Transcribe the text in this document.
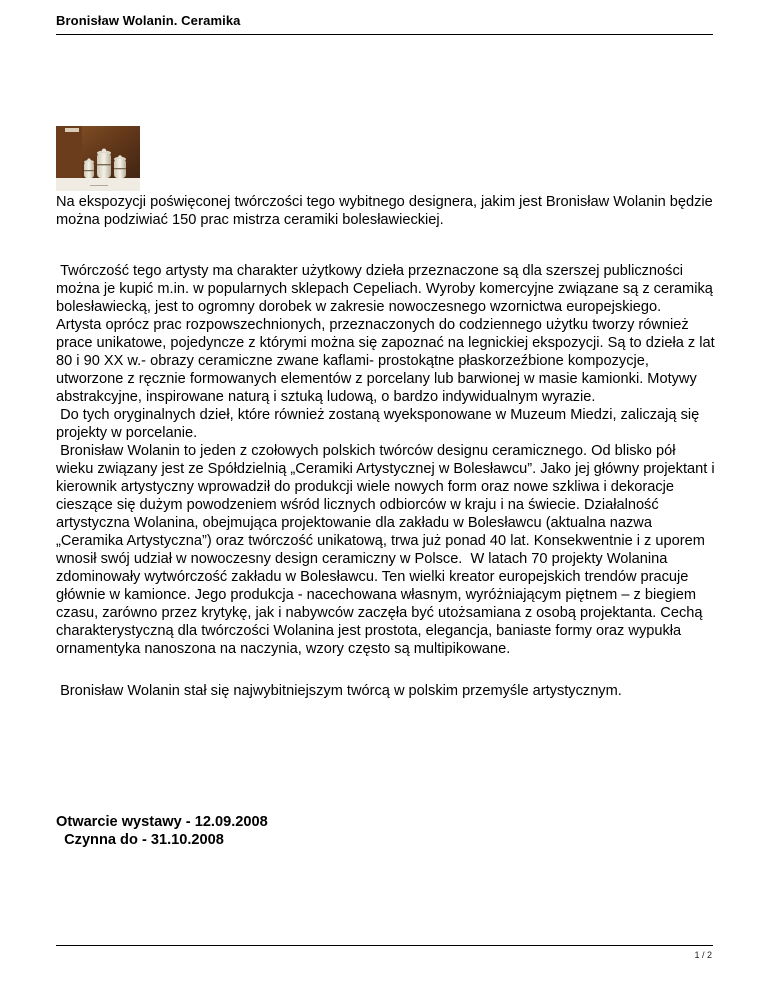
Bronisław Wolanin. Ceramika

Na ekspozycji poświęconej twórczości tego wybitnego designera, jakim jest Bronisław Wolanin będzie można podziwiać 150 prac mistrza ceramiki bolesławieckiej.

Twórczość tego artysty ma charakter użytkowy dzieła przeznaczone są dla szerszej publiczności można je kupić m.in. w popularnych sklepach Cepeliach. Wyroby komercyjne związane są z ceramiką bolesławiecką, jest to ogromny dorobek w zakresie nowoczesnego wzornictwa europejskiego.        Artysta oprócz prac rozpowszechnionych, przeznaczonych do codziennego użytku tworzy również prace unikatowe, pojedyncze z którymi można się zapoznać na legnickiej ekspozycji. Są to dzieła z lat 80 i 90 XX w.- obrazy ceramiczne zwane kaflami- prostokątne płaskorzeźbione kompozycje, utworzone z ręcznie formowanych elementów z porcelany lub barwionej w masie kamionki. Motywy abstrakcyjne, inspirowane naturą i sztuką ludową, o bardzo indywidualnym wyrazie.
Do tych oryginalnych dzieł, które również zostaną wyeksponowane w Muzeum Miedzi, zaliczają się projekty w porcelanie.
Bronisław Wolanin to jeden z czołowych polskich twórców designu ceramicznego. Od blisko pół wieku związany jest ze Spółdzielnią „Ceramiki Artystycznej w Bolesławcu”. Jako jej główny projektant i kierownik artystyczny wprowadził do produkcji wiele nowych form oraz nowe szkliwa i dekoracje cieszące się dużym powodzeniem wśród licznych odbiorców w kraju i na świecie. Działalność artystyczna Wolanina, obejmująca projektowanie dla zakładu w Bolesławcu (aktualna nazwa „Ceramika Artystyczna”) oraz twórczość unikatową, trwa już ponad 40 lat. Konsekwentnie i z uporem wnosił swój udział w nowoczesny design ceramiczny w Polsce.  W latach 70 projekty Wolanina zdominowały wytwórczość zakładu w Bolesławcu. Ten wielki kreator europejskich trendów pracuje głównie w kamionce. Jego produkcja - nacechowana własnym, wyróżniającym piętnem – z biegiem czasu, zarówno przez krytykę, jak i nabywców zaczęła być utożsamiana z osobą projektanta. Cechą charakterystyczną dla twórczości Wolanina jest prostota, elegancja, baniaste formy oraz wypukła ornamentyka nanoszona na naczynia, wzory często są multipikowane.

Bronisław Wolanin stał się najwybitniejszym twórcą w polskim przemyśle artystycznym.

Otwarcie wystawy - 12.09.2008

Czynna do - 31.10.2008

1 / 2
